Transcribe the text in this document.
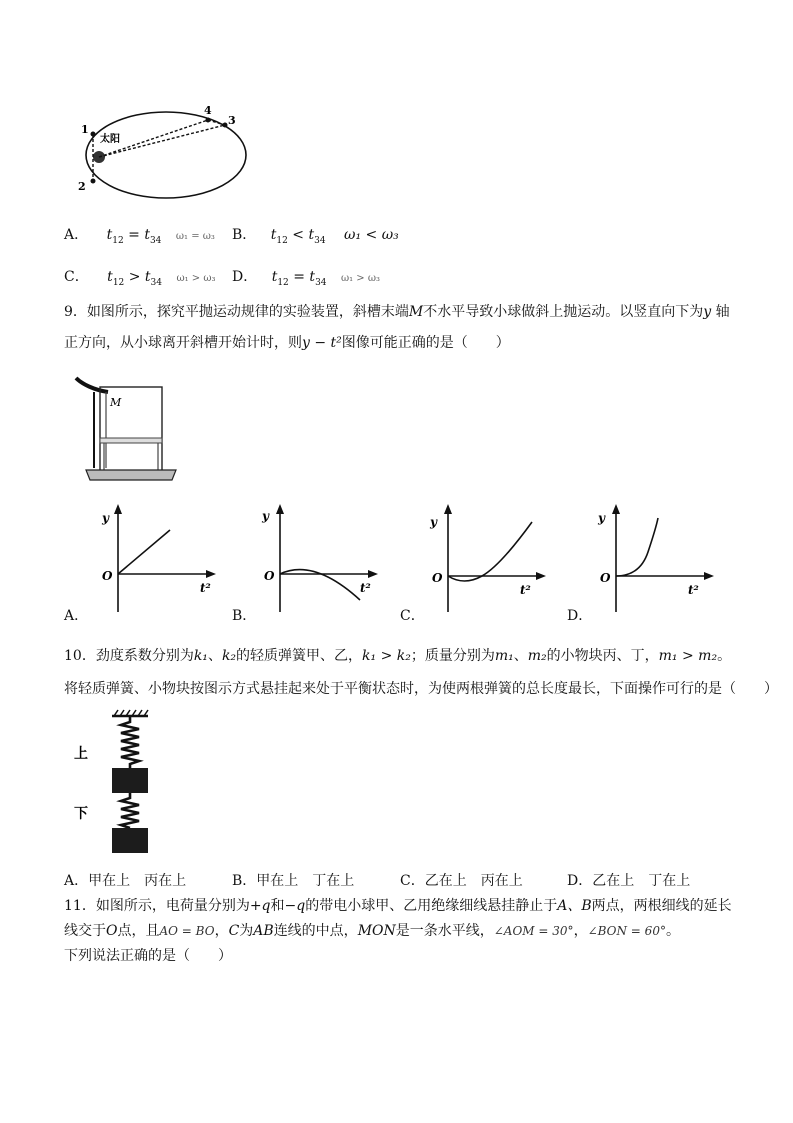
1
2
3
4
太阳
A． $t_{12} = t_{34}$ ω₁ = ω₃ B． $t_{12} < t_{34}$ ω₁ < ω₃
C． $t_{12} > t_{34}$ ω₁ > ω₃ D． $t_{12} = t_{34}$ ω₁ > ω₃
9．如图所示，探究平抛运动规律的实验装置，斜槽末端M不水平导致小球做斜上抛运动。以竖直向下为y 轴
正方向，从小球离开斜槽开始计时，则y − t²图像可能正确的是（　　）
M
y
O
t²
y
O
t²
y
O
t²
y
O
t²
A．	B．	C．	D．
10．劲度系数分别为k₁、k₂的轻质弹簧甲、乙，k₁ > k₂；质量分别为m₁、m₂的小物块丙、丁，m₁ > m₂。
将轻质弹簧、小物块按图示方式悬挂起来处于平衡状态时，为使两根弹簧的总长度最长，下面操作可行的是（　　）
上
下
A．甲在上　丙在上	B．甲在上　丁在上	C．乙在上　丙在上	D．乙在上　丁在上
11．如图所示，电荷量分别为+q和−q的带电小球甲、乙用绝缘细线悬挂静止于A、B两点，两根细线的延长
线交于O点，且AO = BO，C为AB连线的中点，MON是一条水平线，∠AOM = 30°，∠BON = 60°。
下列说法正确的是（　　）
